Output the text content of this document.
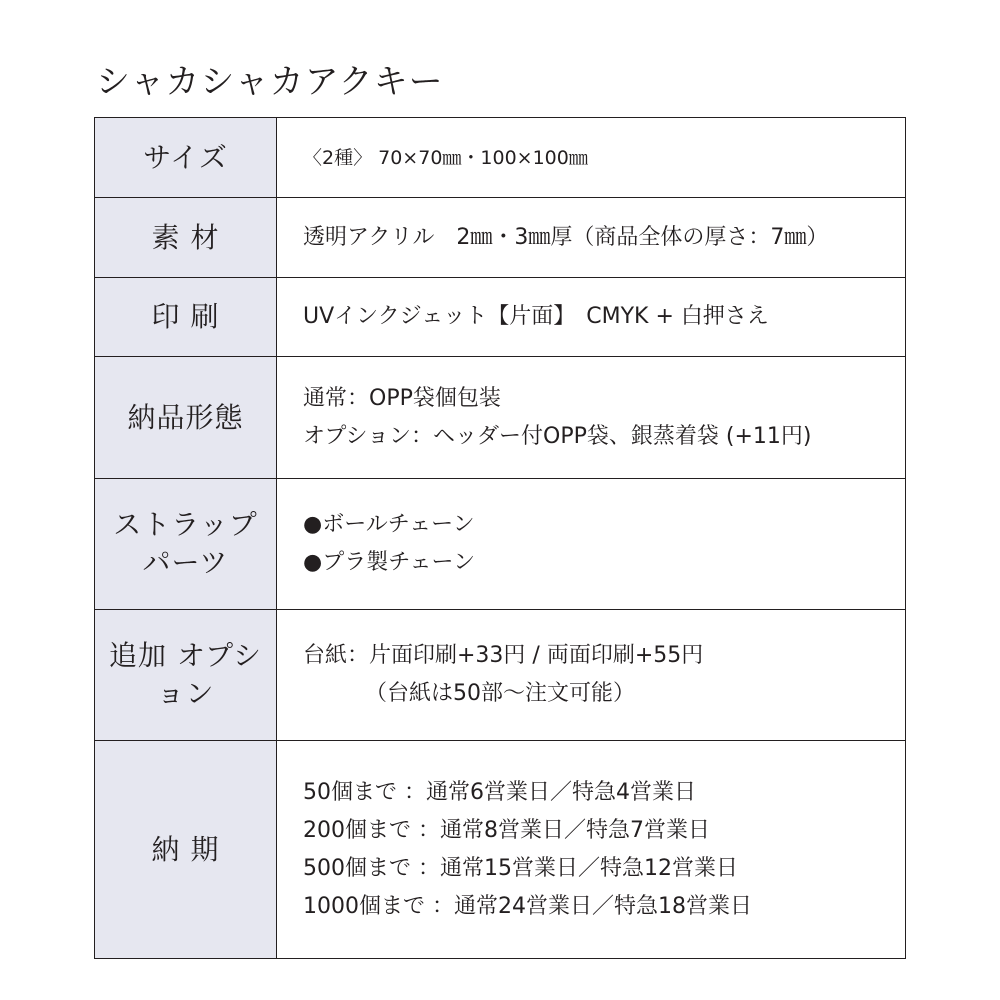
シャカシャカアクキー
サイズ	〈2種〉 70×70㎜・100×100㎜

素 材	透明アクリル　2㎜・3㎜厚（商品全体の厚さ：7㎜）

印 刷	UVインクジェット【片面】　CMYK + 白押さえ

納品形態	通常：OPP袋個包装
オプション：ヘッダー付OPP袋、銀蒸着袋 (+11円)

ストラップ パーツ	●ボールチェーン
●プラ製チェーン

追加 オプション	台紙：片面印刷+33円 / 両面印刷+55円
（台紙は50部～注文可能）

納 期	50個まで ：通常6営業日／特急4営業日
200個まで ：通常8営業日／特急7営業日
500個まで ：通常15営業日／特急12営業日
1000個まで ：通常24営業日／特急18営業日
